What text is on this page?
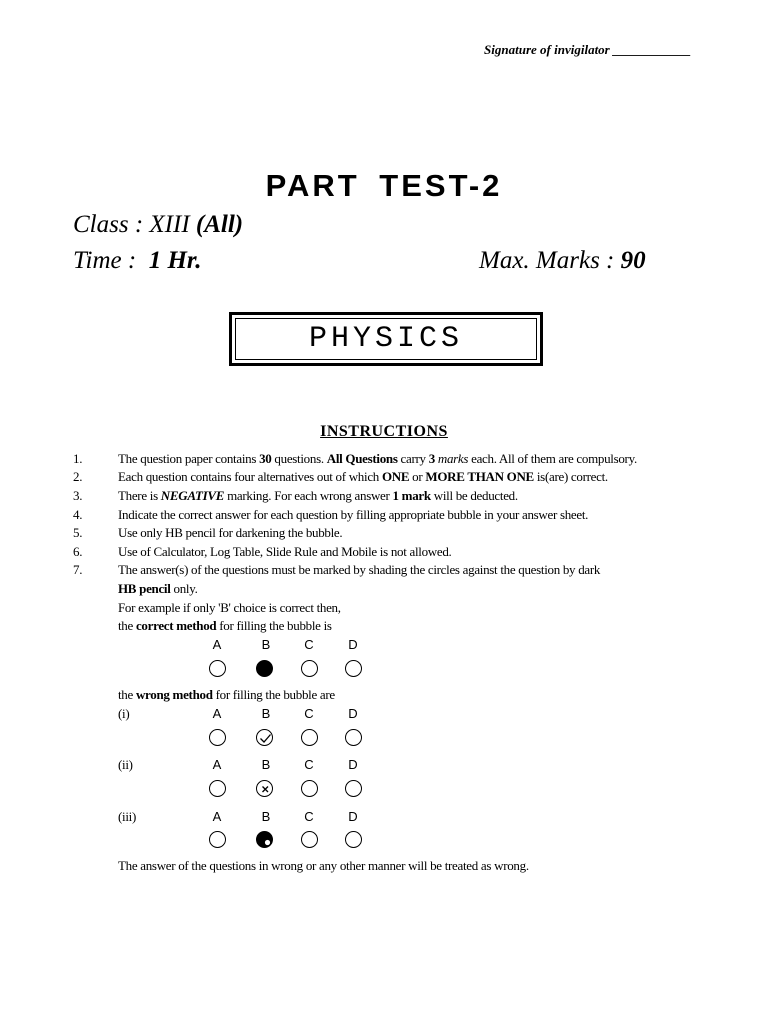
Signature of invigilator ____________
PART TEST-2
Class : XIII (All)
Time : 1 Hr.	Max. Marks : 90
PHYSICS
INSTRUCTIONS
1.	The question paper contains 30 questions. All Questions carry 3 marks each. All of them are compulsory.
2.	Each question contains four alternatives out of which ONE or MORE THAN ONE is(are) correct.
3.	There is NEGATIVE marking. For each wrong answer 1 mark will be deducted.
4.	Indicate the correct answer for each question by filling appropriate bubble in your answer sheet.
5.	Use only HB pencil for darkening the bubble.
6.	Use of Calculator, Log Table, Slide Rule and Mobile is not allowed.
7.	The answer(s) of the questions must be marked by shading the circles against the question by dark
HB pencil only.
For example if only 'B' choice is correct then,
the correct method for filling the bubble is
A	B	C	D
the wrong method for filling the bubble are
(i)	A	B	C	D
(ii)	A	B	C	D
(iii)	A	B	C	D
The answer of the questions in wrong or any other manner will be treated as wrong.
